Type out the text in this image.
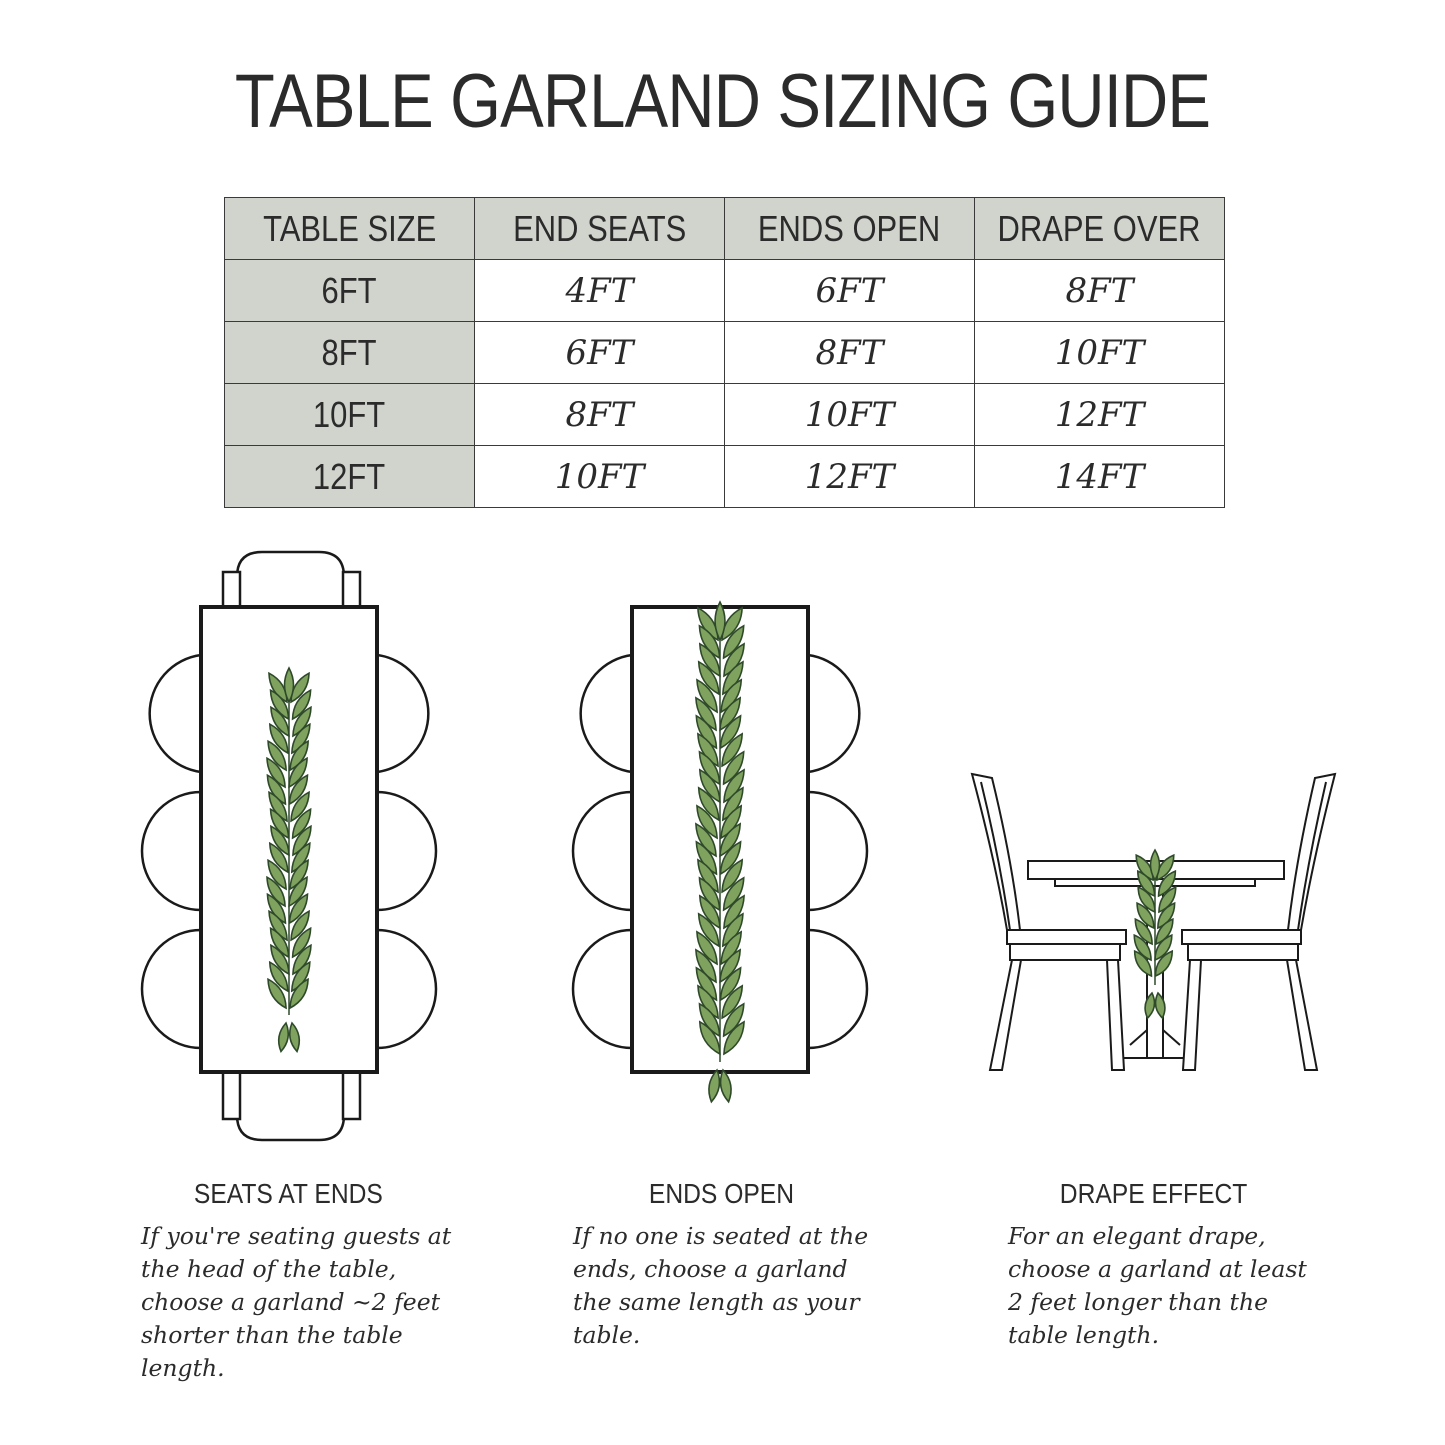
TABLE GARLAND SIZING GUIDE
TABLE SIZE	END SEATS	ENDS OPEN	DRAPE OVER
6FT	4FT	6FT	8FT
8FT	6FT	8FT	10FT
10FT	8FT	10FT	12FT
12FT	10FT	12FT	14FT
SEATS AT ENDS
If you're seating guests at
the head of the table,
choose a garland ~2 feet
shorter than the table
length.
ENDS OPEN
If no one is seated at the
ends, choose a garland
the same length as your
table.
DRAPE EFFECT
For an elegant drape,
choose a garland at least
2 feet longer than the
table length.
